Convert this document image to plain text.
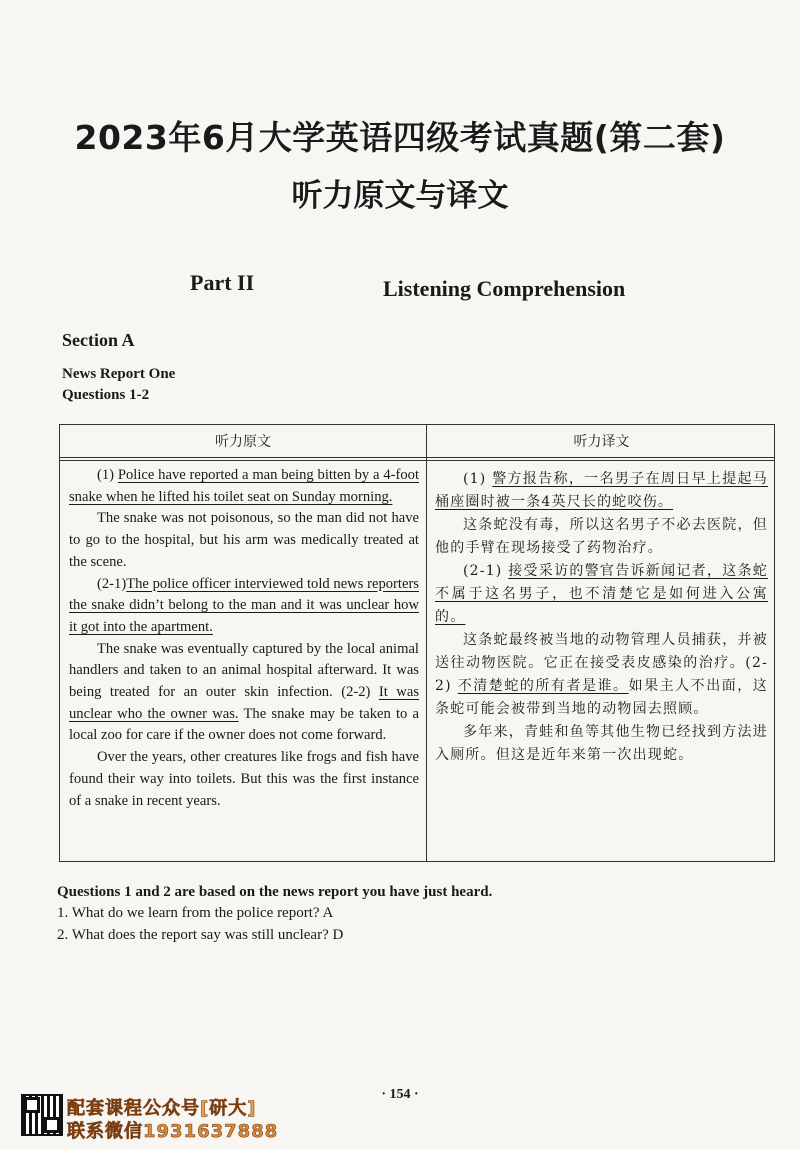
2023年6月大学英语四级考试真题(第二套)
听力原文与译文
Part II	Listening Comprehension
Section A
News Report One
Questions 1-2
听力原文	听力译文

(1) Police have reported a man being bitten by a 4-foot snake when he lifted his toilet seat on Sunday morning.

The snake was not poisonous, so the man did not have to go to the hospital, but his arm was medically treated at the scene.

(2-1)The police officer interviewed told news reporters the snake didn’t belong to the man and it was unclear how it got into the apartment.

The snake was eventually captured by the local animal handlers and taken to an animal hospital afterward. It was being treated for an outer skin infection. (2-2) It was unclear who the owner was. The snake may be taken to a local zoo for care if the owner does not come forward.

Over the years, other creatures like frogs and fish have found their way into toilets. But this was the first instance of a snake in recent years.

(1) 警方报告称，一名男子在周日早上提起马桶座圈时被一条4英尺长的蛇咬伤。

这条蛇没有毒，所以这名男子不必去医院，但他的手臂在现场接受了药物治疗。

(2-1) 接受采访的警官告诉新闻记者，这条蛇不属于这名男子，也不清楚它是如何进入公寓的。

这条蛇最终被当地的动物管理人员捕获，并被送往动物医院。它正在接受表皮感染的治疗。(2-2) 不清楚蛇的所有者是谁。如果主人不出面，这条蛇可能会被带到当地的动物园去照顾。

多年来，青蛙和鱼等其他生物已经找到方法进入厕所。但这是近年来第一次出现蛇。

Questions 1 and 2 are based on the news report you have just heard.
1. What do we learn from the police report? A
2. What does the report say was still unclear? D
· 154 ·
配套课程公众号[研大]
联系微信1931637888
